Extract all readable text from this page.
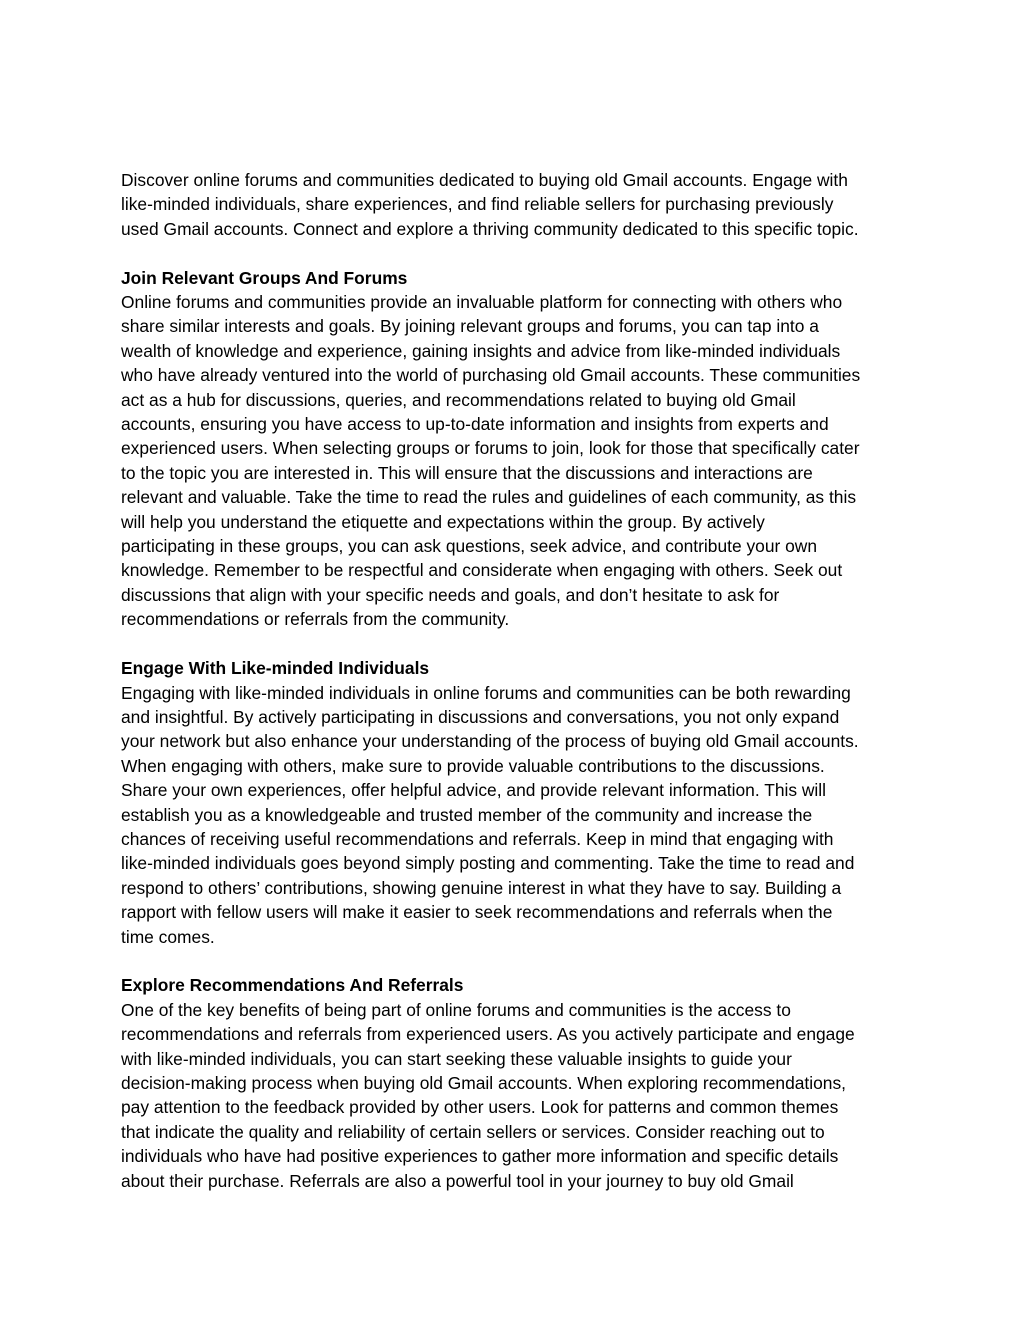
Discover online forums and communities dedicated to buying old Gmail accounts. Engage with
like-minded individuals, share experiences, and find reliable sellers for purchasing previously
used Gmail accounts. Connect and explore a thriving community dedicated to this specific topic.

Join Relevant Groups And Forums

Online forums and communities provide an invaluable platform for connecting with others who
share similar interests and goals. By joining relevant groups and forums, you can tap into a
wealth of knowledge and experience, gaining insights and advice from like-minded individuals
who have already ventured into the world of purchasing old Gmail accounts. These communities
act as a hub for discussions, queries, and recommendations related to buying old Gmail
accounts, ensuring you have access to up-to-date information and insights from experts and
experienced users. When selecting groups or forums to join, look for those that specifically cater
to the topic you are interested in. This will ensure that the discussions and interactions are
relevant and valuable. Take the time to read the rules and guidelines of each community, as this
will help you understand the etiquette and expectations within the group. By actively
participating in these groups, you can ask questions, seek advice, and contribute your own
knowledge. Remember to be respectful and considerate when engaging with others. Seek out
discussions that align with your specific needs and goals, and don’t hesitate to ask for
recommendations or referrals from the community.

Engage With Like-minded Individuals

Engaging with like-minded individuals in online forums and communities can be both rewarding
and insightful. By actively participating in discussions and conversations, you not only expand
your network but also enhance your understanding of the process of buying old Gmail accounts.
When engaging with others, make sure to provide valuable contributions to the discussions.
Share your own experiences, offer helpful advice, and provide relevant information. This will
establish you as a knowledgeable and trusted member of the community and increase the
chances of receiving useful recommendations and referrals. Keep in mind that engaging with
like-minded individuals goes beyond simply posting and commenting. Take the time to read and
respond to others’ contributions, showing genuine interest in what they have to say. Building a
rapport with fellow users will make it easier to seek recommendations and referrals when the
time comes.

Explore Recommendations And Referrals

One of the key benefits of being part of online forums and communities is the access to
recommendations and referrals from experienced users. As you actively participate and engage
with like-minded individuals, you can start seeking these valuable insights to guide your
decision-making process when buying old Gmail accounts. When exploring recommendations,
pay attention to the feedback provided by other users. Look for patterns and common themes
that indicate the quality and reliability of certain sellers or services. Consider reaching out to
individuals who have had positive experiences to gather more information and specific details
about their purchase. Referrals are also a powerful tool in your journey to buy old Gmail
